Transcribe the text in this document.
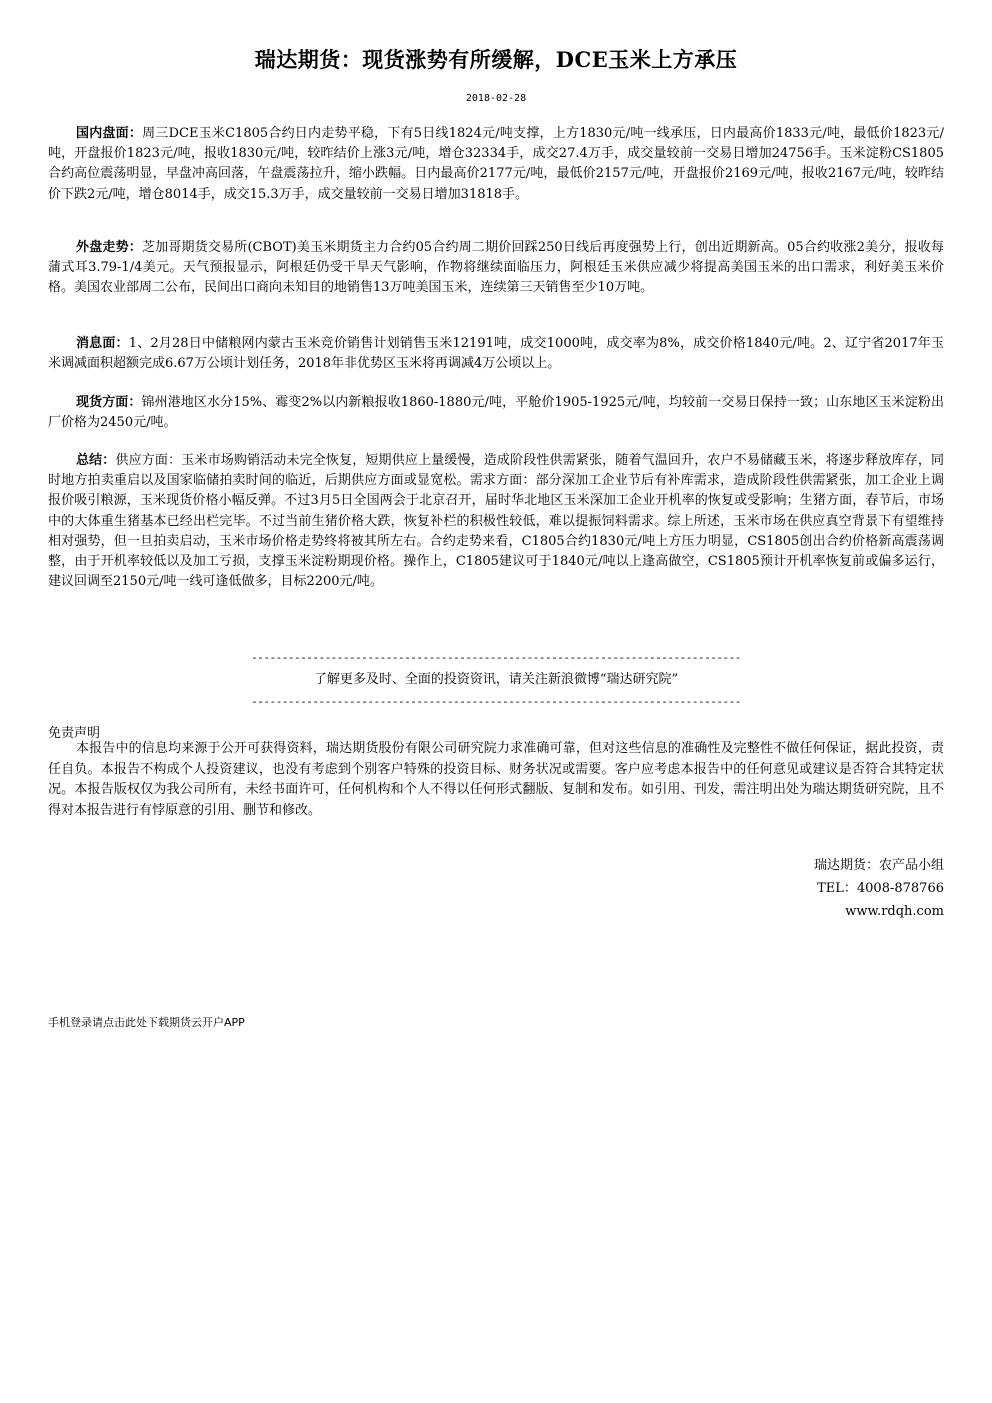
瑞达期货：现货涨势有所缓解，DCE玉米上方承压
2018-02-28

国内盘面：周三DCE玉米C1805合约日内走势平稳，下有5日线1824元/吨支撑，上方1830元/吨一线承压，日内最高价1833元/吨，最低价1823元/吨，开盘报价1823元/吨，报收1830元/吨，较昨结价上涨3元/吨，增仓32334手，成交27.4万手，成交量较前一交易日增加24756手。玉米淀粉CS1805合约高位震荡明显，早盘冲高回落，午盘震荡拉升，缩小跌幅。日内最高价2177元/吨，最低价2157元/吨，开盘报价2169元/吨，报收2167元/吨，较昨结价下跌2元/吨，增仓8014手，成交15.3万手，成交量较前一交易日增加31818手。

外盘走势：芝加哥期货交易所(CBOT)美玉米期货主力合约05合约周二期价回踩250日线后再度强势上行，创出近期新高。05合约收涨2美分，报收每蒲式耳3.79-1/4美元。天气预报显示，阿根廷仍受干旱天气影响，作物将继续面临压力，阿根廷玉米供应减少将提高美国玉米的出口需求，利好美玉米价格。美国农业部周二公布，民间出口商向未知目的地销售13万吨美国玉米，连续第三天销售至少10万吨。

消息面：1、2月28日中储粮网内蒙古玉米竞价销售计划销售玉米12191吨，成交1000吨，成交率为8%，成交价格1840元/吨。2、辽宁省2017年玉米调减面积超额完成6.67万公顷计划任务，2018年非优势区玉米将再调减4万公顷以上。

现货方面：锦州港地区水分15%、霉变2%以内新粮报收1860-1880元/吨，平舱价1905-1925元/吨，均较前一交易日保持一致；山东地区玉米淀粉出厂价格为2450元/吨。

总结：供应方面：玉米市场购销活动未完全恢复，短期供应上量缓慢，造成阶段性供需紧张，随着气温回升，农户不易储藏玉米，将逐步释放库存，同时地方拍卖重启以及国家临储拍卖时间的临近，后期供应方面或显宽松。需求方面：部分深加工企业节后有补库需求，造成阶段性供需紧张，加工企业上调报价吸引粮源，玉米现货价格小幅反弹。不过3月5日全国两会于北京召开，届时华北地区玉米深加工企业开机率的恢复或受影响；生猪方面，春节后，市场中的大体重生猪基本已经出栏完毕。不过当前生猪价格大跌，恢复补栏的积极性较低，难以提振饲料需求。综上所述，玉米市场在供应真空背景下有望维持相对强势，但一旦拍卖启动，玉米市场价格走势终将被其所左右。合约走势来看，C1805合约1830元/吨上方压力明显，CS1805创出合约价格新高震荡调整，由于开机率较低以及加工亏损，支撑玉米淀粉期现价格。操作上，C1805建议可于1840元/吨以上逢高做空，CS1805预计开机率恢复前或偏多运行，建议回调至2150元/吨一线可逢低做多，目标2200元/吨。

--------------------------------------------------------------------------------
了解更多及时、全面的投资资讯，请关注新浪微博“瑞达研究院”
--------------------------------------------------------------------------------

免责声明

本报告中的信息均来源于公开可获得资料，瑞达期货股份有限公司研究院力求准确可靠，但对这些信息的准确性及完整性不做任何保证，据此投资，责任自负。本报告不构成个人投资建议，也没有考虑到个别客户特殊的投资目标、财务状况或需要。客户应考虑本报告中的任何意见或建议是否符合其特定状况。本报告版权仅为我公司所有，未经书面许可，任何机构和个人不得以任何形式翻版、复制和发布。如引用、刊发，需注明出处为瑞达期货研究院，且不得对本报告进行有悖原意的引用、删节和修改。

瑞达期货：农产品小组
TEL：4008-878766
www.rdqh.com
手机登录请点击此处下载期货云开户APP
